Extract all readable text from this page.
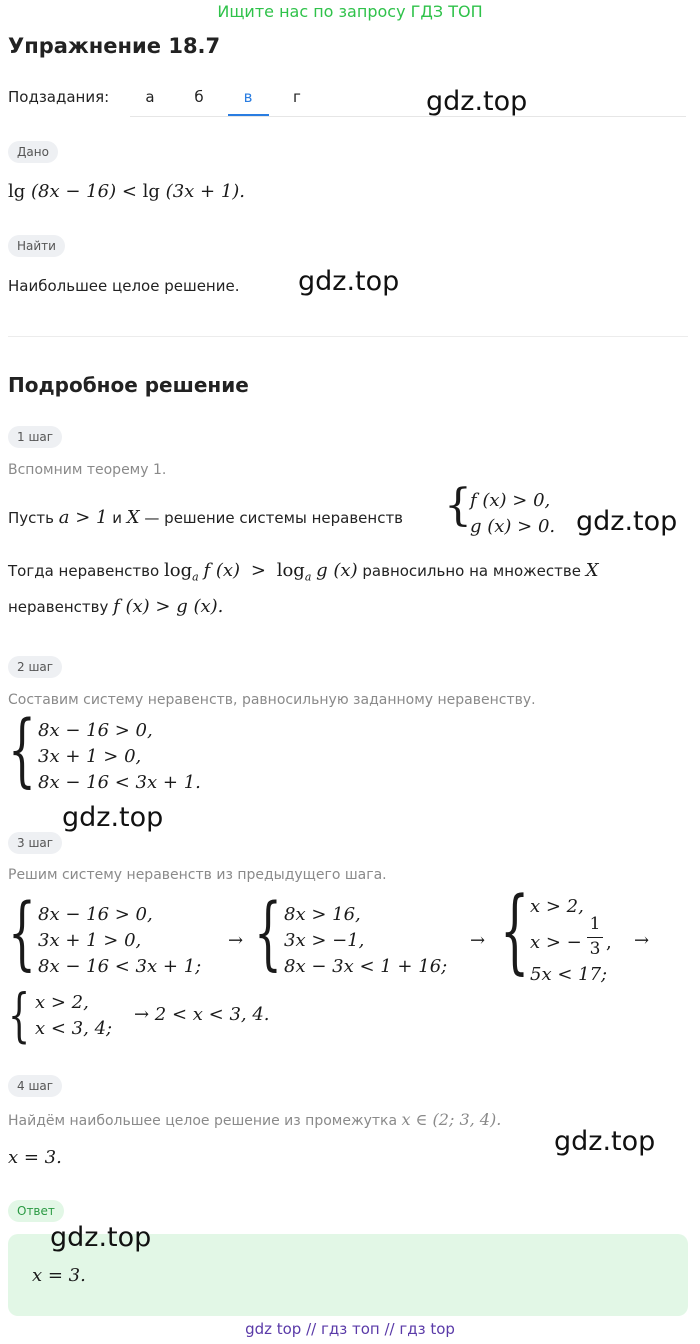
Ищите нас по запросу ГДЗ ТОП
Упражнение 18.7
Подзадания:	а	б	в	г	gdz.top
gdz.top
gdz.top
gdz.top
gdz.top
Дано
lg (8x − 16) < lg (3x + 1).
Найти
Наибольшее целое решение.
Подробное решение
1 шаг
Вспомним теорему 1.
Пусть a > 1 и X — решение системы неравенств {
f (x) > 0,
g (x) > 0.
Тогда неравенство $\log_a f$ $(x) > \log_a g$ (x) равносильно на множестве X
неравенству f (x) > g (x).
2 шаг
Составим систему неравенств, равносильную заданному неравенству.
{ 8x − 16 > 0,
3x + 1 > 0,
8x − 16 < 3x + 1.
3 шаг
Решим систему неравенств из предыдущего шага.
{ 8x − 16 > 0,
3x + 1 > 0,
8x − 16 < 3x + 1;
→ { 8x > 16,
3x > −1,
8x − 3x < 1 + 16;
→ { x > 2,
x > −
1
3 ,
5x < 17;
→
{ x > 2,
x < 3, 4;
→ 2 < x < 3, 4.
4 шаг
Найдём наибольшее целое решение из промежутка x ∈ (2; 3, 4).
x = 3.
Ответ
gdz.top
x = 3.
gdz top // гдз топ // гдз top
